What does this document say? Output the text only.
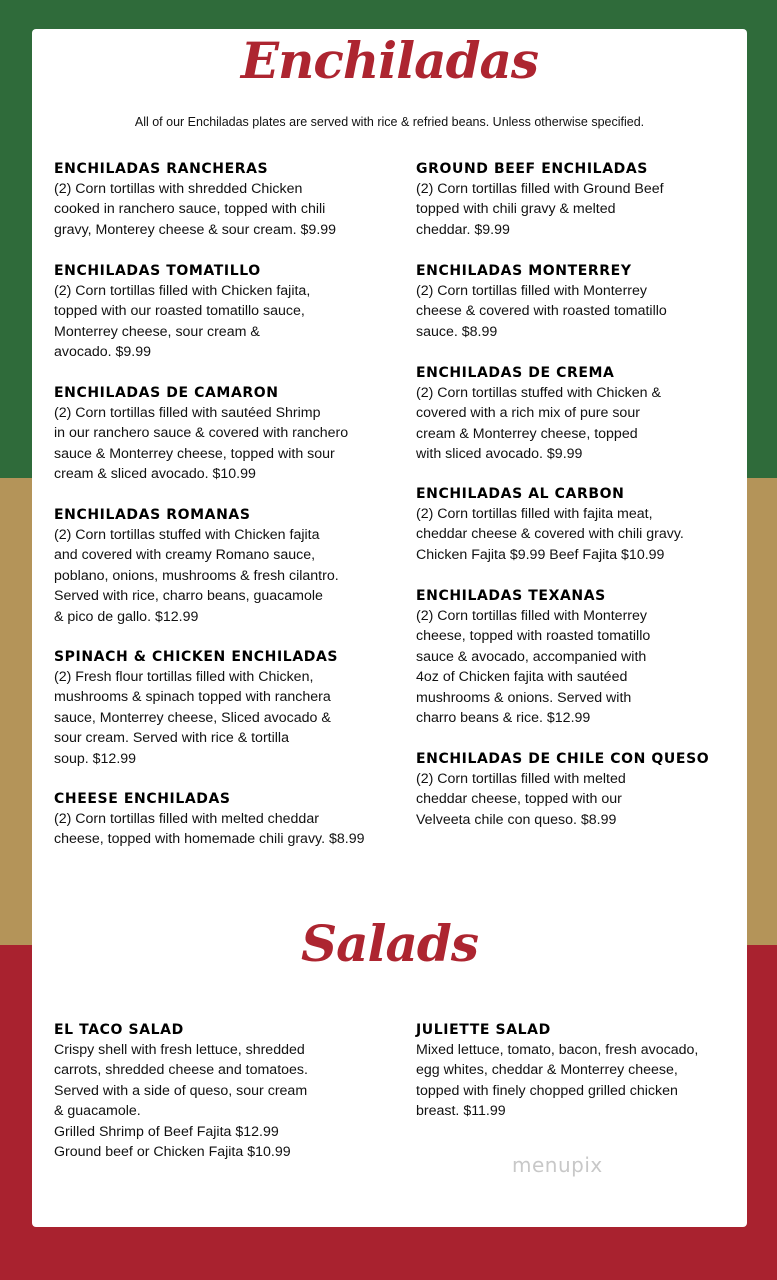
Enchiladas
All of our Enchiladas plates are served with rice & refried beans. Unless otherwise specified.
ENCHILADAS RANCHERAS
(2) Corn tortillas with shredded Chicken
cooked in ranchero sauce, topped with chili
gravy, Monterey cheese & sour cream. $9.99
ENCHILADAS TOMATILLO
(2) Corn tortillas filled with Chicken fajita,
topped with our roasted tomatillo sauce,
Monterrey cheese, sour cream &
avocado. $9.99
ENCHILADAS DE CAMARON
(2) Corn tortillas filled with sautéed Shrimp
in our ranchero sauce & covered with ranchero
sauce & Monterrey cheese, topped with sour
cream & sliced avocado. $10.99
ENCHILADAS ROMANAS
(2) Corn tortillas stuffed with Chicken fajita
and covered with creamy Romano sauce,
poblano, onions, mushrooms & fresh cilantro.
Served with rice, charro beans, guacamole
& pico de gallo. $12.99
SPINACH & CHICKEN ENCHILADAS
(2) Fresh flour tortillas filled with Chicken,
mushrooms & spinach topped with ranchera
sauce, Monterrey cheese, Sliced avocado &
sour cream. Served with rice & tortilla
soup. $12.99
CHEESE ENCHILADAS
(2) Corn tortillas filled with melted cheddar
cheese, topped with homemade chili gravy. $8.99
GROUND BEEF ENCHILADAS
(2) Corn tortillas filled with Ground Beef
topped with chili gravy & melted
cheddar. $9.99
ENCHILADAS MONTERREY
(2) Corn tortillas filled with Monterrey
cheese & covered with roasted tomatillo
sauce. $8.99
ENCHILADAS DE CREMA
(2) Corn tortillas stuffed with Chicken &
covered with a rich mix of pure sour
cream & Monterrey cheese, topped
with sliced avocado. $9.99
ENCHILADAS AL CARBON
(2) Corn tortillas filled with fajita meat,
cheddar cheese & covered with chili gravy.
Chicken Fajita $9.99 Beef Fajita $10.99
ENCHILADAS TEXANAS
(2) Corn tortillas filled with Monterrey
cheese, topped with roasted tomatillo
sauce & avocado, accompanied with
4oz of Chicken fajita with sautéed
mushrooms & onions. Served with
charro beans & rice. $12.99
ENCHILADAS DE CHILE CON QUESO
(2) Corn tortillas filled with melted
cheddar cheese, topped with our
Velveeta chile con queso. $8.99
Salads
EL TACO SALAD
Crispy shell with fresh lettuce, shredded
carrots, shredded cheese and tomatoes.
Served with a side of queso, sour cream
& guacamole.
Grilled Shrimp of Beef Fajita $12.99
Ground beef or Chicken Fajita $10.99
JULIETTE SALAD
Mixed lettuce, tomato, bacon, fresh avocado,
egg whites, cheddar & Monterrey cheese,
topped with finely chopped grilled chicken
breast. $11.99
menupix
